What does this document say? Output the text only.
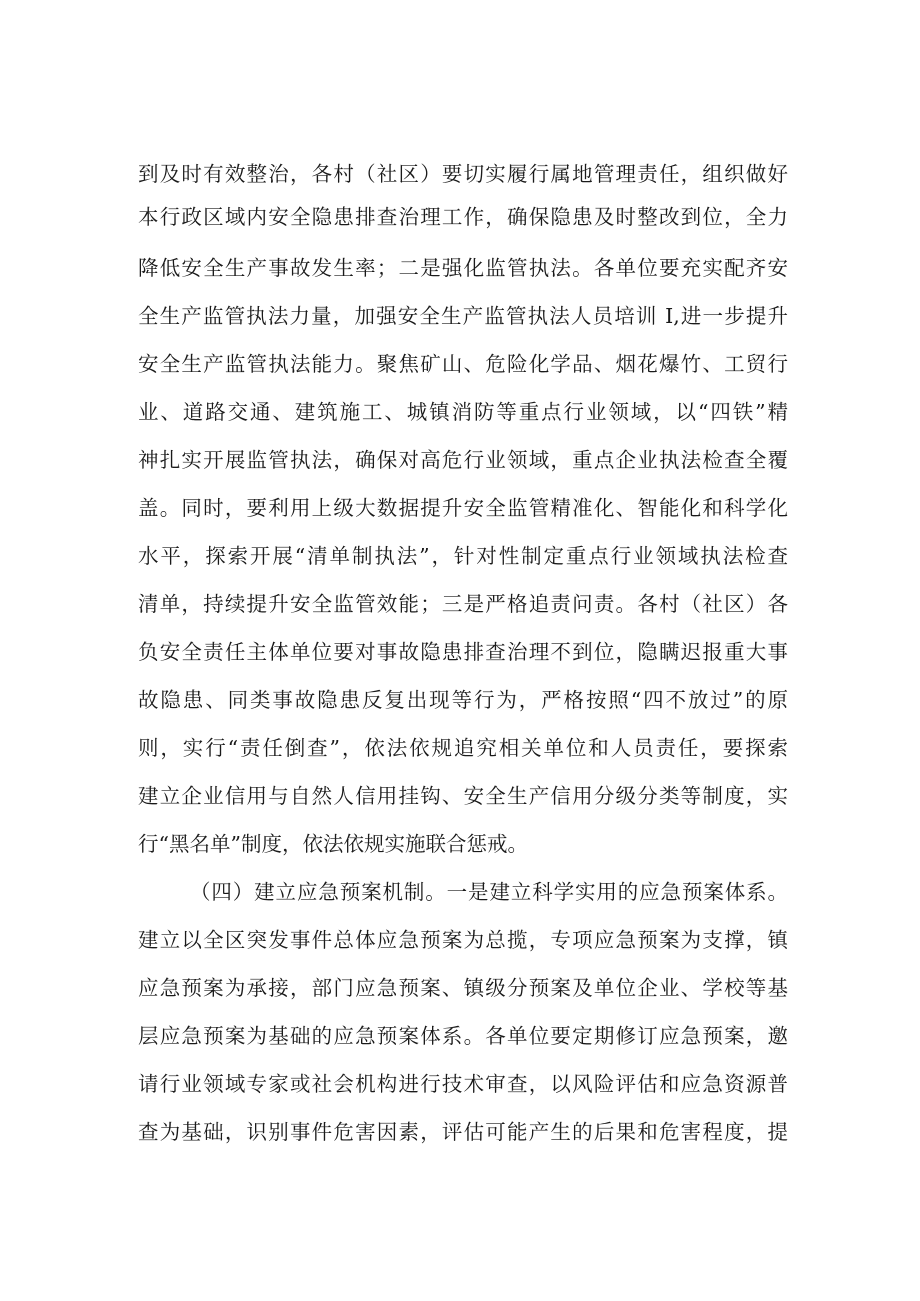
到及时有效整治，各村（社区）要切实履行属地管理责任，组织做好
本行政区域内安全隐患排查治理工作，确保隐患及时整改到位，全力
降低安全生产事故发生率；二是强化监管执法。各单位要充实配齐安
全生产监管执法力量，加强安全生产监管执法人员培训 I,进一步提升
安全生产监管执法能力。聚焦矿山、危险化学品、烟花爆竹、工贸行
业、道路交通、建筑施工、城镇消防等重点行业领域，以“四铁”精
神扎实开展监管执法，确保对高危行业领域，重点企业执法检查全覆
盖。同时，要利用上级大数据提升安全监管精准化、智能化和科学化
水平，探索开展“清单制执法”，针对性制定重点行业领域执法检查
清单，持续提升安全监管效能；三是严格追责问责。各村（社区）各
负安全责任主体单位要对事故隐患排查治理不到位，隐瞒迟报重大事
故隐患、同类事故隐患反复出现等行为，严格按照“四不放过”的原
则，实行“责任倒查”，依法依规追究相关单位和人员责任，要探索
建立企业信用与自然人信用挂钩、安全生产信用分级分类等制度，实
行“黑名单”制度，依法依规实施联合惩戒。
（四）建立应急预案机制。一是建立科学实用的应急预案体系。
建立以全区突发事件总体应急预案为总揽，专项应急预案为支撑，镇
应急预案为承接，部门应急预案、镇级分预案及单位企业、学校等基
层应急预案为基础的应急预案体系。各单位要定期修订应急预案，邀
请行业领域专家或社会机构进行技术审查，以风险评估和应急资源普
查为基础，识别事件危害因素，评估可能产生的后果和危害程度，提
